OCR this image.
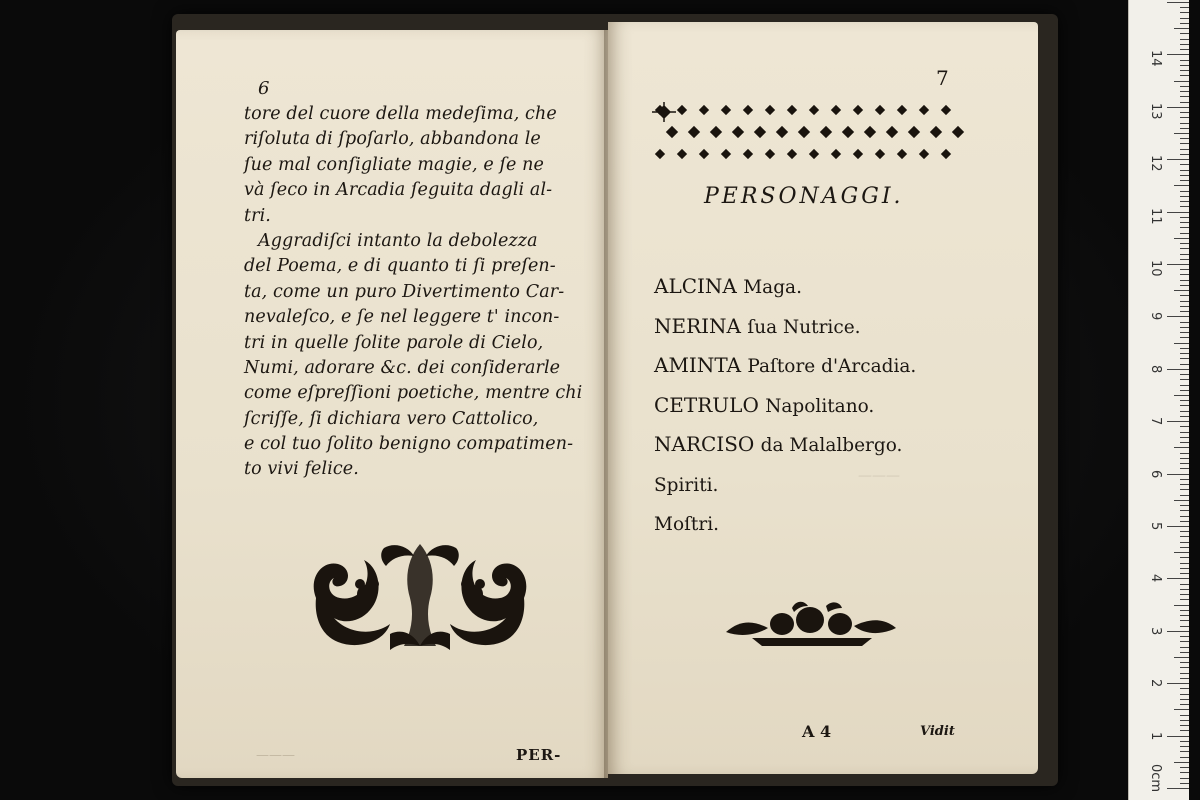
6
tore del cuore della medeſima, che
riſoluta di ſpoſarlo, abbandona le
ſue mal conſigliate magie, e ſe ne
và ſeco in Arcadia ſeguita dagli al-
tri.
Aggradiſci intanto la debolezza
del Poema, e di quanto ti ſi preſen-
ta, come un puro Divertimento Car-
nevaleſco, e ſe nel leggere t' incon-
tri in quelle ſolite parole di Cielo,
Numi, adorare &c. dei conſiderarle
come eſpreſſioni poetiche, mentre chi
ſcriſſe, ſi dichiara vero Cattolico,
e col tuo ſolito benigno compatimen-
to vivi felice.
———	PER-
7
PERSONAGGI.
ALCINA Maga.
NERINA ſua Nutrice.
AMINTA Paſtore d'Arcadia.
CETRULO Napolitano.
NARCISO da Malalbergo.
Spiriti.
Moſtri.
———
A 4	Vidit
0cm
1
2
3
4
5
6
7
8
9
10
11
12
13
14
